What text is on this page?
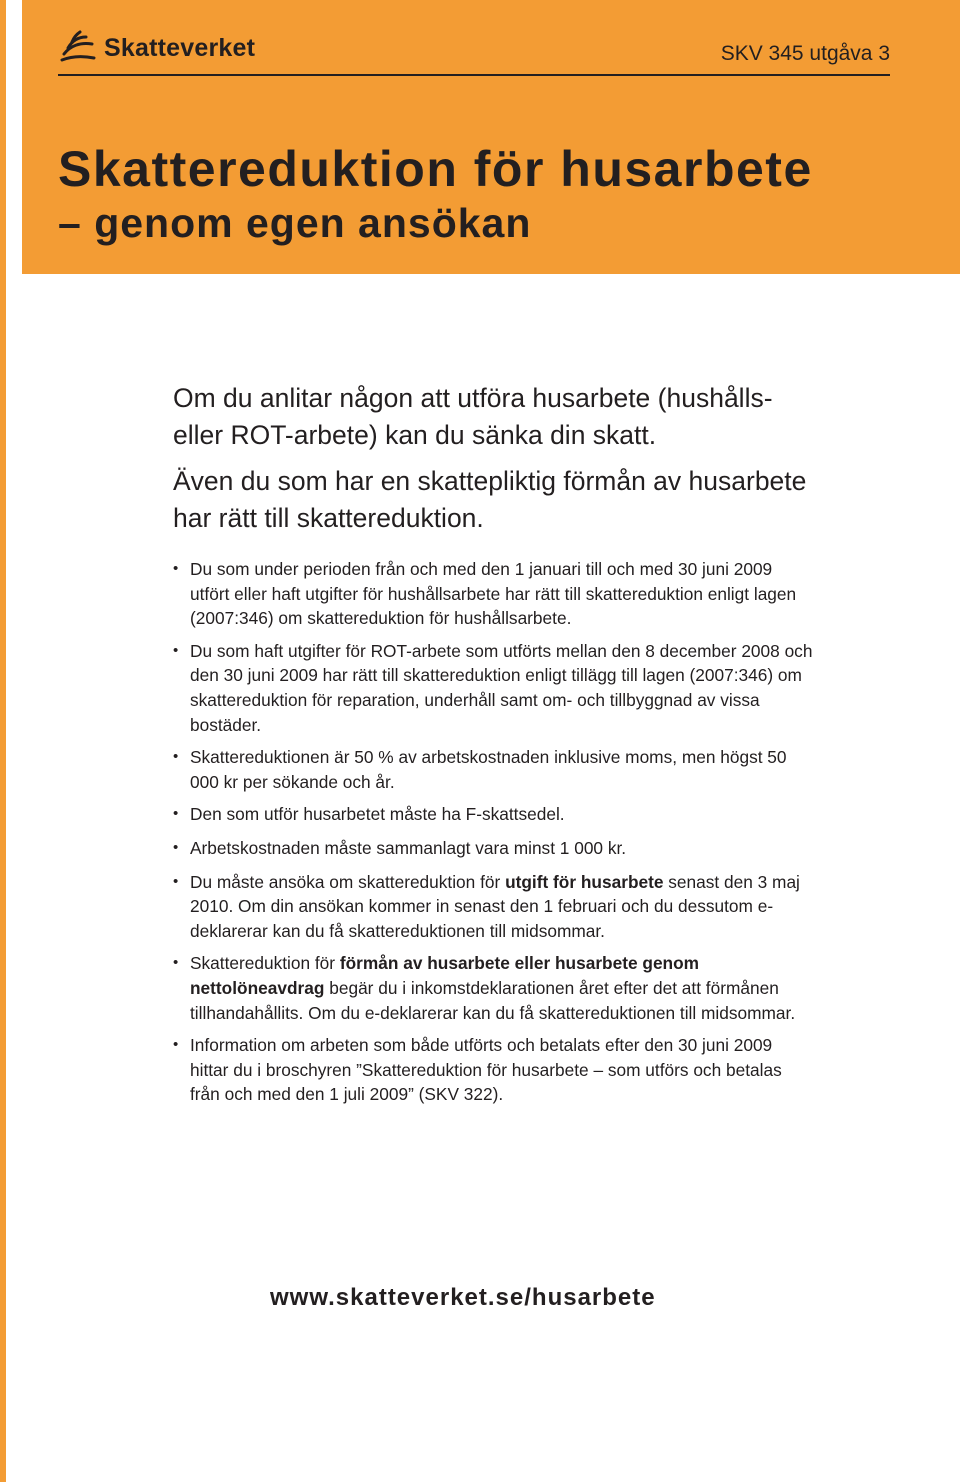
Skatteverket	SKV 345 utgåva 3
Skattereduktion för husarbete
– genom egen ansökan

Om du anlitar någon att utföra husarbete (hushålls- eller ROT-arbete) kan du sänka din skatt.

Även du som har en skattepliktig förmån av husarbete har rätt till skattereduktion.

• Du som under perioden från och med den 1 januari till och med 30 juni 2009 utfört eller haft utgifter för hushållsarbete har rätt till skattereduktion enligt lagen (2007:346) om skattereduktion för hushållsarbete.
• Du som haft utgifter för ROT-arbete som utförts mellan den 8 december 2008 och den 30 juni 2009 har rätt till skattereduktion enligt tillägg till lagen (2007:346) om skattereduktion för reparation, underhåll samt om- och tillbyggnad av vissa bostäder.
• Skattereduktionen är 50 % av arbetskostnaden inklusive moms, men högst 50 000 kr per sökande och år.
• Den som utför husarbetet måste ha F-skattsedel.
• Arbetskostnaden måste sammanlagt vara minst 1 000 kr.
• Du måste ansöka om skattereduktion för utgift för husarbete senast den 3 maj 2010. Om din ansökan kommer in senast den 1 februari och du dessutom e-deklarerar kan du få skattereduktionen till midsommar.
• Skattereduktion för förmån av husarbete eller husarbete genom nettolöneavdrag begär du i inkomstdeklarationen året efter det att förmånen tillhandahållits. Om du e-deklarerar kan du få skattereduktionen till midsommar.
• Information om arbeten som både utförts och betalats efter den 30 juni 2009 hittar du i broschyren ”Skattereduktion för husarbete – som utförs och betalas från och med den 1 juli 2009” (SKV 322).
www.skatteverket.se/husarbete
